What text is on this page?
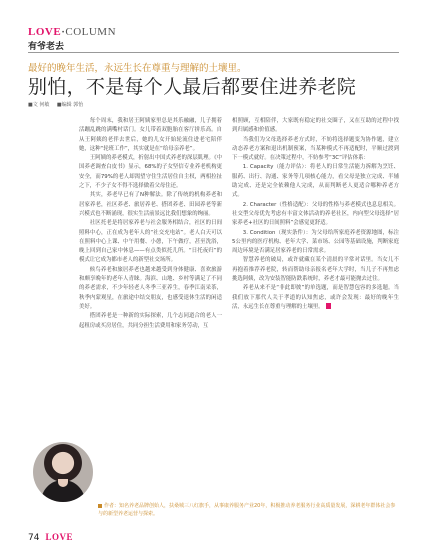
LOVE·COLUMN
有爷老去
最好的晚年生活，永远生长在尊重与理解的土壤里。
别怕，不是每个人最后都要住进养老院
■文 何敏 ■编辑 郭怡

每个周末，我和居王阿姨家里总是其乐融融，儿子拥着活蹦乱跳的满嘴村话门。女儿带着双胞胎在客厅拼乐高。自从王阿姨的老伴去世后，她的儿女开始轮流住进老宅陪伴她，这种“轮班工作”，其实就是在“给母亲养老”。

王阿姨的养老模式，折射出中国式养老的深层肌理。《中国养老调查白皮书》显示，68%的子女坚信专业养老机构更安全，而79%的老人却渴望守住生活居住自主权，两相拉扯之下，不少子女不得不选择做着父母住还。

其实，养老早已有了N种解法。除了传统的机构养老和居家养老，社区养老、旅居养老、搭团养老、田园养老等新兴模式也不断涌现，很实生活前景远比我们想象的绚丽。

社区托老是将居家养老与社会服务相结合，社区的日间照料中心，正在成为老年人的“社交充电站”。老人白天可以在照料中心上课、中午用餐、小憩，下午做疗，甚至洗浴，晚上回到自己家中休息——有点类似托儿所。“日托夜归”的模式让它成为都市老人的新型社交场所。

候鸟养老和旅居养老也越来越受到身体健康、喜欢旅游和颇享晚年的老年人青睐。海滨、山地、乡村等满足了不同的养老需求，不少年轻老人冬季三亚养生，春季江南采茶，秋季内蒙观星，在旅途中结交朋友，也感受退休生活的闲适美好。

搭团养老是一种新的实际探索，几个志同道合的老人一起租房或买房居住，共同分担生活费用和家务劳动，互

相照顾，互相陪伴，大家既有稳定的社交圈子，又在互助的过程中找到归属感和价值感。

当我们为父母选择养老方式时，不妨将选择题变为协作题，建立动态养老方案和退出机制预案，当某种模式不再适配时，平顺过渡到下一模式就好。在决策过程中，不妨参考“3C”评估体系：

1. Capacity（能力评估）：将老人的日常生活能力拆解为烹饪、服药、出行、沟通、家务等几项核心能力，看父母是独立完成、半辅助完成、还是完全依赖他人完成，从而判断老人更适合哪种养老方式。

2. Character（性格适配）：父母的性格与养老模式也息息相关。社交型父母优先考虑有丰富文体活动的养老社区，内向型父母选择“居家养老+社区的日间照料”会感觉更舒适。

3. Condition（现实条件）：为父母给所家庭养老资源地图，标注5公里内的医疗机构、老年大学、菜市场、公园等基础设施，判断家庭周边环境是否满足居家养老的日常需求。

智慧养老的破局，或许就藏在某个清晨的平常对话里。当女儿不再抱着推荐养老院，转而帮助母亲报名老年大学时，当儿子不再焦虑挑选阿姨，改为安装智能防跌系统时，养老才最可能抛去过往。

养老从来不是“非此即彼”的单选题，而是智慧包容的多选题。当我们放下那代人关于孝道的认知焦虑，或许会发现：最好的晚年生活，永远生长在尊重与理解的土壤里。

作者：知名养老品牌创始人，扶桑城三八红旗手，从事康养服务产业20年，积极推动养老服务行业高质量发展，深耕老年群体社会参与的新型养老运营与探索。
74 LOVE
